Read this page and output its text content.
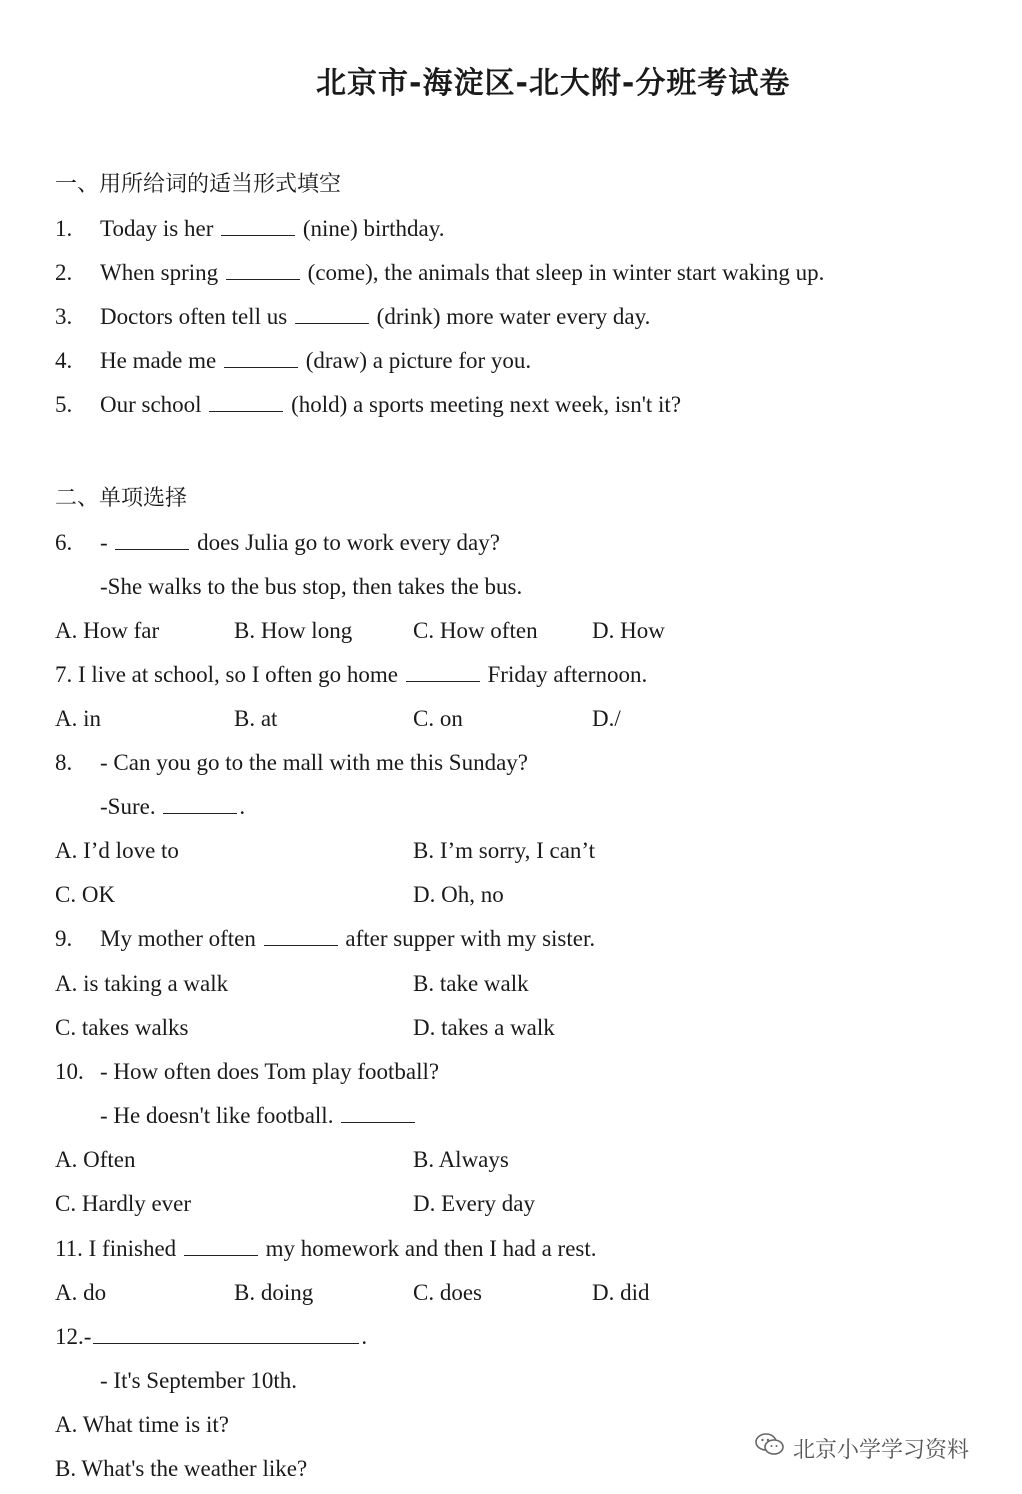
北京市-海淀区-北大附-分班考试卷
一、用所给词的适当形式填空
1. Today is her	(nine) birthday.
2. When spring	(come), the animals that sleep in winter start waking up.
3. Doctors often tell us	(drink) more water every day.
4. He made me	(draw) a picture for you.
5. Our school	(hold) a sports meeting next week, isn't it?
二、单项选择
6. -	does Julia go to work every day?
-She walks to the bus stop, then takes the bus.
A. How far	B. How long	C. How often D. How
7. I live at school, so I often go home	Friday afternoon.
A. in	B. at	C. on	D./
8. - Can you go to the mall with me this Sunday?
-Sure.	.
A. I’d love to	B. I’m sorry, I can’t
C. OK	D. Oh, no
9. My mother often	after supper with my sister.
A. is taking a walk	B. take walk
C. takes walks	D. takes a walk
10. - How often does Tom play football?
- He doesn't like football.
A. Often	B. Always
C. Hardly ever	D. Every day
11. I finished	my homework and then I had a rest.
A. do	B. doing	C. does	D. did
12.-	.
- It's September 10th.
A. What time is it?
B. What's the weather like?
北京小学学习资料
